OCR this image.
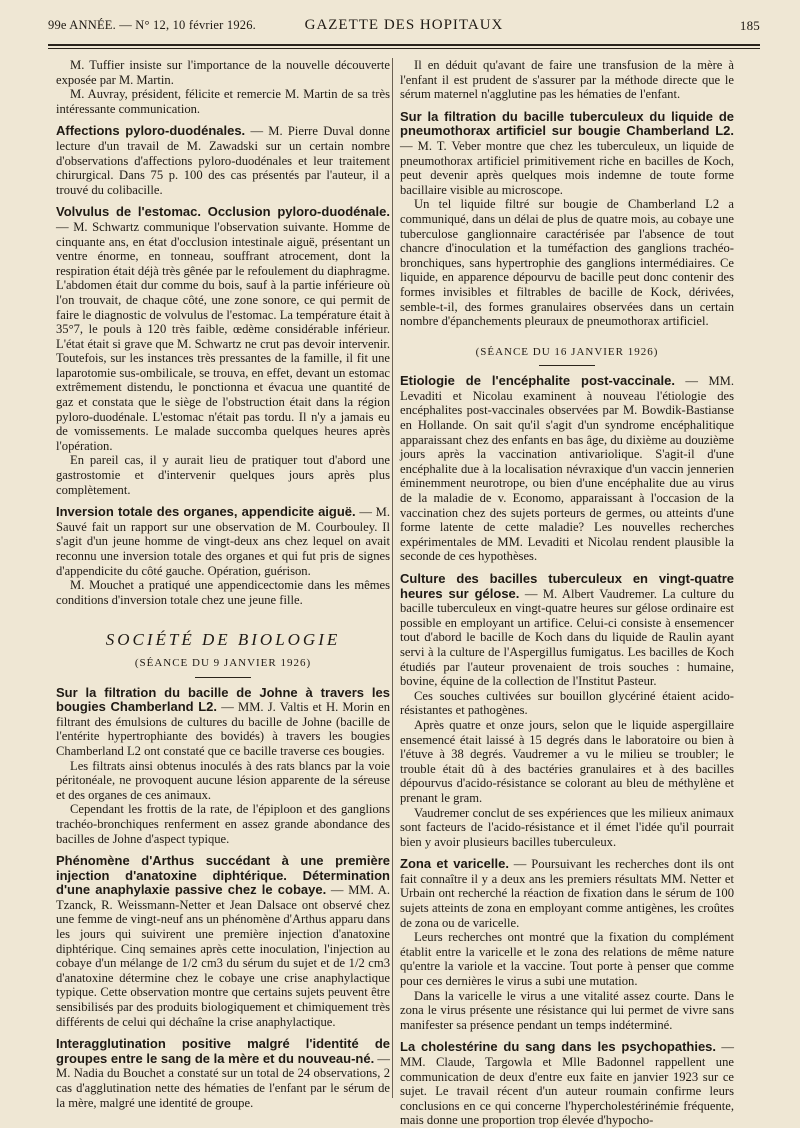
99e ANNÉE. — N° 12, 10 février 1926.	GAZETTE DES HOPITAUX	185

M. Tuffier insiste sur l'importance de la nouvelle découverte exposée par M. Martin.

M. Auvray, président, félicite et remercie M. Martin de sa très intéressante communication.

Affections pyloro-duodénales. — M. Pierre Duval donne lecture d'un travail de M. Zawadski sur un certain nombre d'observations d'affections pyloro-duodénales et leur traitement chirurgical. Dans 75 p. 100 des cas présentés par l'auteur, il a trouvé du colibacille.

Volvulus de l'estomac. Occlusion pyloro-duodénale. — M. Schwartz communique l'observation suivante. Homme de cinquante ans, en état d'occlusion intestinale aiguë, présentant un ventre énorme, en tonneau, souffrant atrocement, dont la respiration était déjà très gênée par le refoulement du diaphragme. L'abdomen était dur comme du bois, sauf à la partie inférieure où l'on trouvait, de chaque côté, une zone sonore, ce qui permit de faire le diagnostic de volvulus de l'estomac. La température était à 35°7, le pouls à 120 très faible, œdème considérable inférieur. L'état était si grave que M. Schwartz ne crut pas devoir intervenir. Toutefois, sur les instances très pressantes de la famille, il fit une laparotomie sus-ombilicale, se trouva, en effet, devant un estomac extrêmement distendu, le ponctionna et évacua une quantité de gaz et constata que le siège de l'obstruction était dans la région pyloro-duodénale. L'estomac n'était pas tordu. Il n'y a jamais eu de vomissements. Le malade succomba quelques heures après l'opération.

En pareil cas, il y aurait lieu de pratiquer tout d'abord une gastrostomie et d'intervenir quelques jours après plus complètement.

Inversion totale des organes, appendicite aiguë. — M. Sauvé fait un rapport sur une observation de M. Courbouley. Il s'agit d'un jeune homme de vingt-deux ans chez lequel on avait reconnu une inversion totale des organes et qui fut pris de signes d'appendicite du côté gauche. Opération, guérison.

M. Mouchet a pratiqué une appendicectomie dans les mêmes conditions d'inversion totale chez une jeune fille.

SOCIÉTÉ DE BIOLOGIE
(SÉANCE DU 9 JANVIER 1926)

Sur la filtration du bacille de Johne à travers les bougies Chamberland L2. — MM. J. Valtis et H. Morin en filtrant des émulsions de cultures du bacille de Johne (bacille de l'entérite hypertrophiante des bovidés) à travers les bougies Chamberland L2 ont constaté que ce bacille traverse ces bougies.

Les filtrats ainsi obtenus inoculés à des rats blancs par la voie péritonéale, ne provoquent aucune lésion apparente de la séreuse et des organes de ces animaux.

Cependant les frottis de la rate, de l'épiploon et des ganglions trachéo-bronchiques renferment en assez grande abondance des bacilles de Johne d'aspect typique.

Phénomène d'Arthus succédant à une première injection d'anatoxine diphtérique. Détermination d'une anaphylaxie passive chez le cobaye. — MM. A. Tzanck, R. Weissmann-Netter et Jean Dalsace ont observé chez une femme de vingt-neuf ans un phénomène d'Arthus apparu dans les jours qui suivirent une première injection d'anatoxine diphtérique. Cinq semaines après cette inoculation, l'injection au cobaye d'un mélange de 1/2 cm3 du sérum du sujet et de 1/2 cm3 d'anatoxine détermine chez le cobaye une crise anaphylactique typique. Cette observation montre que certains sujets peuvent être sensibilisés par des produits biologiquement et chimiquement très différents de celui qui déchaîne la crise anaphylactique.

Interagglutination positive malgré l'identité de groupes entre le sang de la mère et du nouveau-né. — M. Nadia du Bouchet a constaté sur un total de 24 observations, 2 cas d'agglutination nette des hématies de l'enfant par le sérum de la mère, malgré une identité de groupe.

Il en déduit qu'avant de faire une transfusion de la mère à l'enfant il est prudent de s'assurer par la méthode directe que le sérum maternel n'agglutine pas les hématies de l'enfant.

Sur la filtration du bacille tuberculeux du liquide de pneumothorax artificiel sur bougie Chamberland L2. — M. T. Veber montre que chez les tuberculeux, un liquide de pneumothorax artificiel primitivement riche en bacilles de Koch, peut devenir après quelques mois indemne de toute forme bacillaire visible au microscope.

Un tel liquide filtré sur bougie de Chamberland L2 a communiqué, dans un délai de plus de quatre mois, au cobaye une tuberculose ganglionnaire caractérisée par l'absence de tout chancre d'inoculation et la tuméfaction des ganglions trachéo-bronchiques, sans hypertrophie des ganglions intermédiaires. Ce liquide, en apparence dépourvu de bacille peut donc contenir des formes invisibles et filtrables de bacille de Kock, dérivées, semble-t-il, des formes granulaires observées dans un certain nombre d'épanchements pleuraux de pneumothorax artificiel.

(SÉANCE DU 16 JANVIER 1926)

Etiologie de l'encéphalite post-vaccinale. — MM. Levaditi et Nicolau examinent à nouveau l'étiologie des encéphalites post-vaccinales observées par M. Bowdik-Bastianse en Hollande. On sait qu'il s'agit d'un syndrome encéphalitique apparaissant chez des enfants en bas âge, du dixième au douzième jours après la vaccination antivariolique. S'agit-il d'une encéphalite due à la localisation névraxique d'un vaccin jennerien éminemment neurotrope, ou bien d'une encéphalite due au virus de la maladie de v. Economo, apparaissant à l'occasion de la vaccination chez des sujets porteurs de germes, ou atteints d'une forme latente de cette maladie? Les nouvelles recherches expérimentales de MM. Levaditi et Nicolau rendent plausible la seconde de ces hypothèses.

Culture des bacilles tuberculeux en vingt-quatre heures sur gélose. — M. Albert Vaudremer. La culture du bacille tuberculeux en vingt-quatre heures sur gélose ordinaire est possible en employant un artifice. Celui-ci consiste à ensemencer tout d'abord le bacille de Koch dans du liquide de Raulin ayant servi à la culture de l'Aspergillus fumigatus. Les bacilles de Koch étudiés par l'auteur provenaient de trois souches : humaine, bovine, équine de la collection de l'Institut Pasteur.

Ces souches cultivées sur bouillon glycériné étaient acido-résistantes et pathogènes.

Après quatre et onze jours, selon que le liquide aspergillaire ensemencé était laissé à 15 degrés dans le laboratoire ou bien à l'étuve à 38 degrés. Vaudremer a vu le milieu se troubler; le trouble était dû à des bactéries granulaires et à des bacilles dépourvus d'acido-résistance se colorant au bleu de méthylène et prenant le gram.

Vaudremer conclut de ses expériences que les milieux animaux sont facteurs de l'acido-résistance et il émet l'idée qu'il pourrait bien y avoir plusieurs bacilles tuberculeux.

Zona et varicelle. — Poursuivant les recherches dont ils ont fait connaître il y a deux ans les premiers résultats MM. Netter et Urbain ont recherché la réaction de fixation dans le sérum de 100 sujets atteints de zona en employant comme antigènes, les croûtes de zona ou de varicelle.

Leurs recherches ont montré que la fixation du complément établit entre la varicelle et le zona des relations de même nature qu'entre la variole et la vaccine. Tout porte à penser que comme pour ces dernières le virus a subi une mutation.

Dans la varicelle le virus a une vitalité assez courte. Dans le zona le virus présente une résistance qui lui permet de vivre sans manifester sa présence pendant un temps indéterminé.

La cholestérine du sang dans les psychopathies. — MM. Claude, Targowla et Mlle Badonnel rappellent une communication de deux d'entre eux faite en janvier 1923 sur ce sujet. Le travail récent d'un auteur roumain confirme leurs conclusions en ce qui concerne l'hypercholestérinémie fréquente, mais donne une proportion trop élevée d'hypocho-
